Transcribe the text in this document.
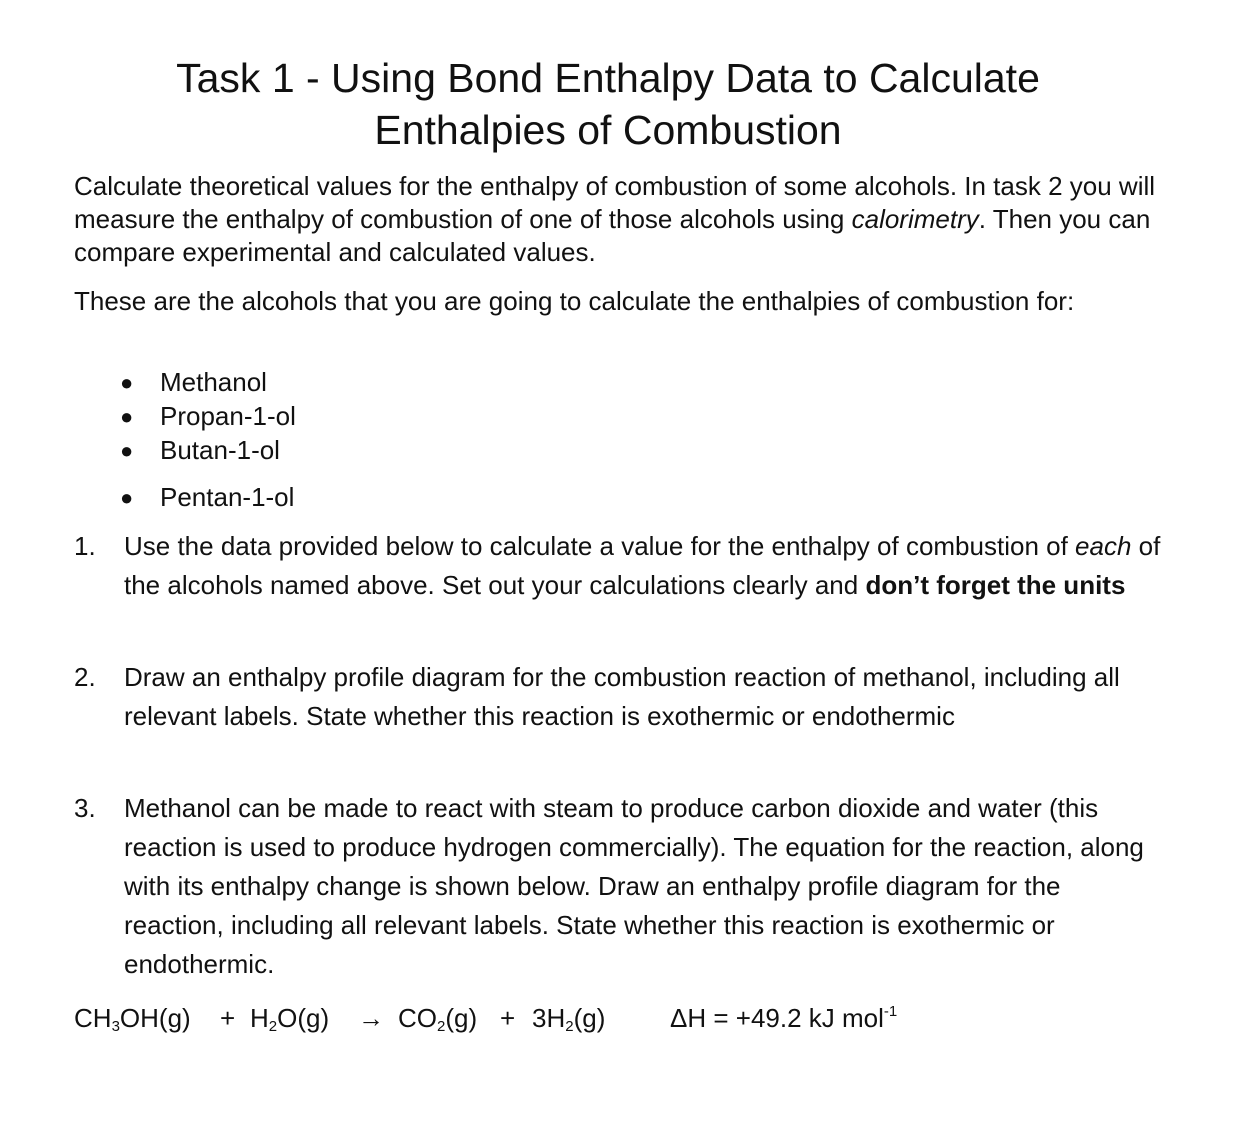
Task 1 - Using Bond Enthalpy Data to Calculate
Enthalpies of Combustion

Calculate theoretical values for the enthalpy of combustion of some alcohols. In task 2 you will measure the enthalpy of combustion of one of those alcohols using calorimetry. Then you can compare experimental and calculated values.

These are the alcohols that you are going to calculate the enthalpies of combustion for:

● Methanol
● Propan-1-ol
● Butan-1-ol
● Pentan-1-ol
1. Use the data provided below to calculate a value for the enthalpy of combustion of each of the alcohols named above. Set out your calculations clearly and don’t forget the units
2. Draw an enthalpy profile diagram for the combustion reaction of methanol, including all relevant labels. State whether this reaction is exothermic or endothermic
3. Methanol can be made to react with steam to produce carbon dioxide and water (this reaction is used to produce hydrogen commercially). The equation for the reaction, along with its enthalpy change is shown below. Draw an enthalpy profile diagram for the reaction, including all relevant labels. State whether this reaction is exothermic or endothermic.
$CH_3OH(g) + H_2O(g) \to CO_2(g) + 3H_2(g) \Delta H = +49.2$ kJ mol$^{-1}$
